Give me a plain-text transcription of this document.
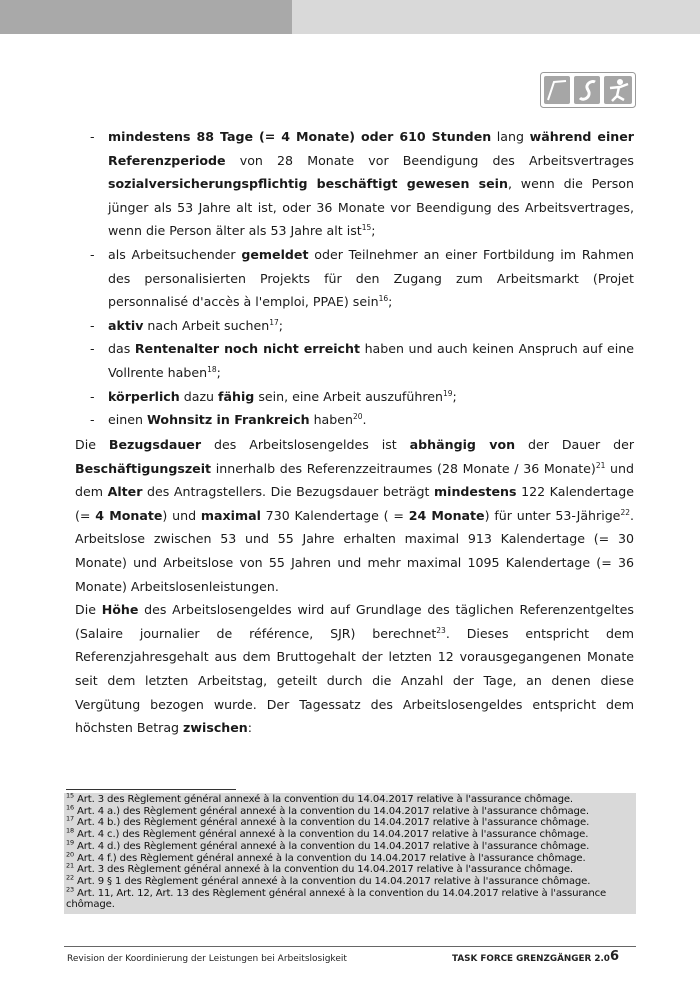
- mindestens 88 Tage (= 4 Monate) oder 610 Stunden lang während einer Referenzperiode von 28 Monate vor Beendigung des Arbeitsvertrages sozialversicherungspflichtig beschäftigt gewesen sein, wenn die Person jünger als 53 Jahre alt ist, oder 36 Monate vor Beendigung des Arbeitsvertrages, wenn die Person älter als 53 Jahre alt ist$^{15}$;
- als Arbeitsuchender gemeldet oder Teilnehmer an einer Fortbildung im Rahmen des personalisierten Projekts für den Zugang zum Arbeitsmarkt (Projet personnalisé d'accès à l'emploi, PPAE) sein$^{16}$;
- aktiv nach Arbeit suchen$^{17}$;
- das Rentenalter noch nicht erreicht haben und auch keinen Anspruch auf eine Vollrente haben$^{18}$;
- körperlich dazu fähig sein, eine Arbeit auszuführen$^{19}$;
- einen Wohnsitz in Frankreich haben$^{20}$.

Die Bezugsdauer des Arbeitslosengeldes ist abhängig von der Dauer der Beschäftigungszeit innerhalb des Referenzzeitraumes (28 Monate / 36 Monate)$^{21}$ und dem Alter des Antragstellers. Die Bezugsdauer beträgt mindestens 122 Kalendertage (= 4 Monate) und maximal 730 Kalendertage ( = 24 Monate) für unter 53-Jährige$^{22}$. Arbeitslose zwischen 53 und 55 Jahre erhalten maximal 913 Kalendertage (= 30 Monate) und Arbeitslose von 55 Jahren und mehr maximal 1095 Kalendertage (= 36 Monate) Arbeitslosenleistungen.

Die Höhe des Arbeitslosengeldes wird auf Grundlage des täglichen Referenzentgeltes (Salaire journalier de référence, SJR) berechnet$^{23}$. Dieses entspricht dem Referenzjahresgehalt aus dem Bruttogehalt der letzten 12 vorausgegangenen Monate seit dem letzten Arbeitstag, geteilt durch die Anzahl der Tage, an denen diese Vergütung bezogen wurde. Der Tagessatz des Arbeitslosengeldes entspricht dem höchsten Betrag zwischen:

$^{15}$ Art. 3 des Règlement général annexé à la convention du 14.04.2017 relative à l'assurance chômage.
$^{16}$ Art. 4 a.) des Règlement général annexé à la convention du 14.04.2017 relative à l'assurance chômage.
$^{17}$ Art. 4 b.) des Règlement général annexé à la convention du 14.04.2017 relative à l'assurance chômage.
$^{18}$ Art. 4 c.) des Règlement général annexé à la convention du 14.04.2017 relative à l'assurance chômage.
$^{19}$ Art. 4 d.) des Règlement général annexé à la convention du 14.04.2017 relative à l'assurance chômage.
$^{20}$ Art. 4 f.) des Règlement général annexé à la convention du 14.04.2017 relative à l'assurance chômage.
$^{21}$ Art. 3 des Règlement général annexé à la convention du 14.04.2017 relative à l'assurance chômage.
$^{22}$ Art. 9 § 1 des Règlement général annexé à la convention du 14.04.2017 relative à l'assurance chômage.
$^{23}$ Art. 11, Art. 12, Art. 13 des Règlement général annexé à la convention du 14.04.2017 relative à l'assurance chômage.
Revision der Koordinierung der Leistungen bei Arbeitslosigkeit	TASK FORCE GRENZGÄNGER 2.0 6
